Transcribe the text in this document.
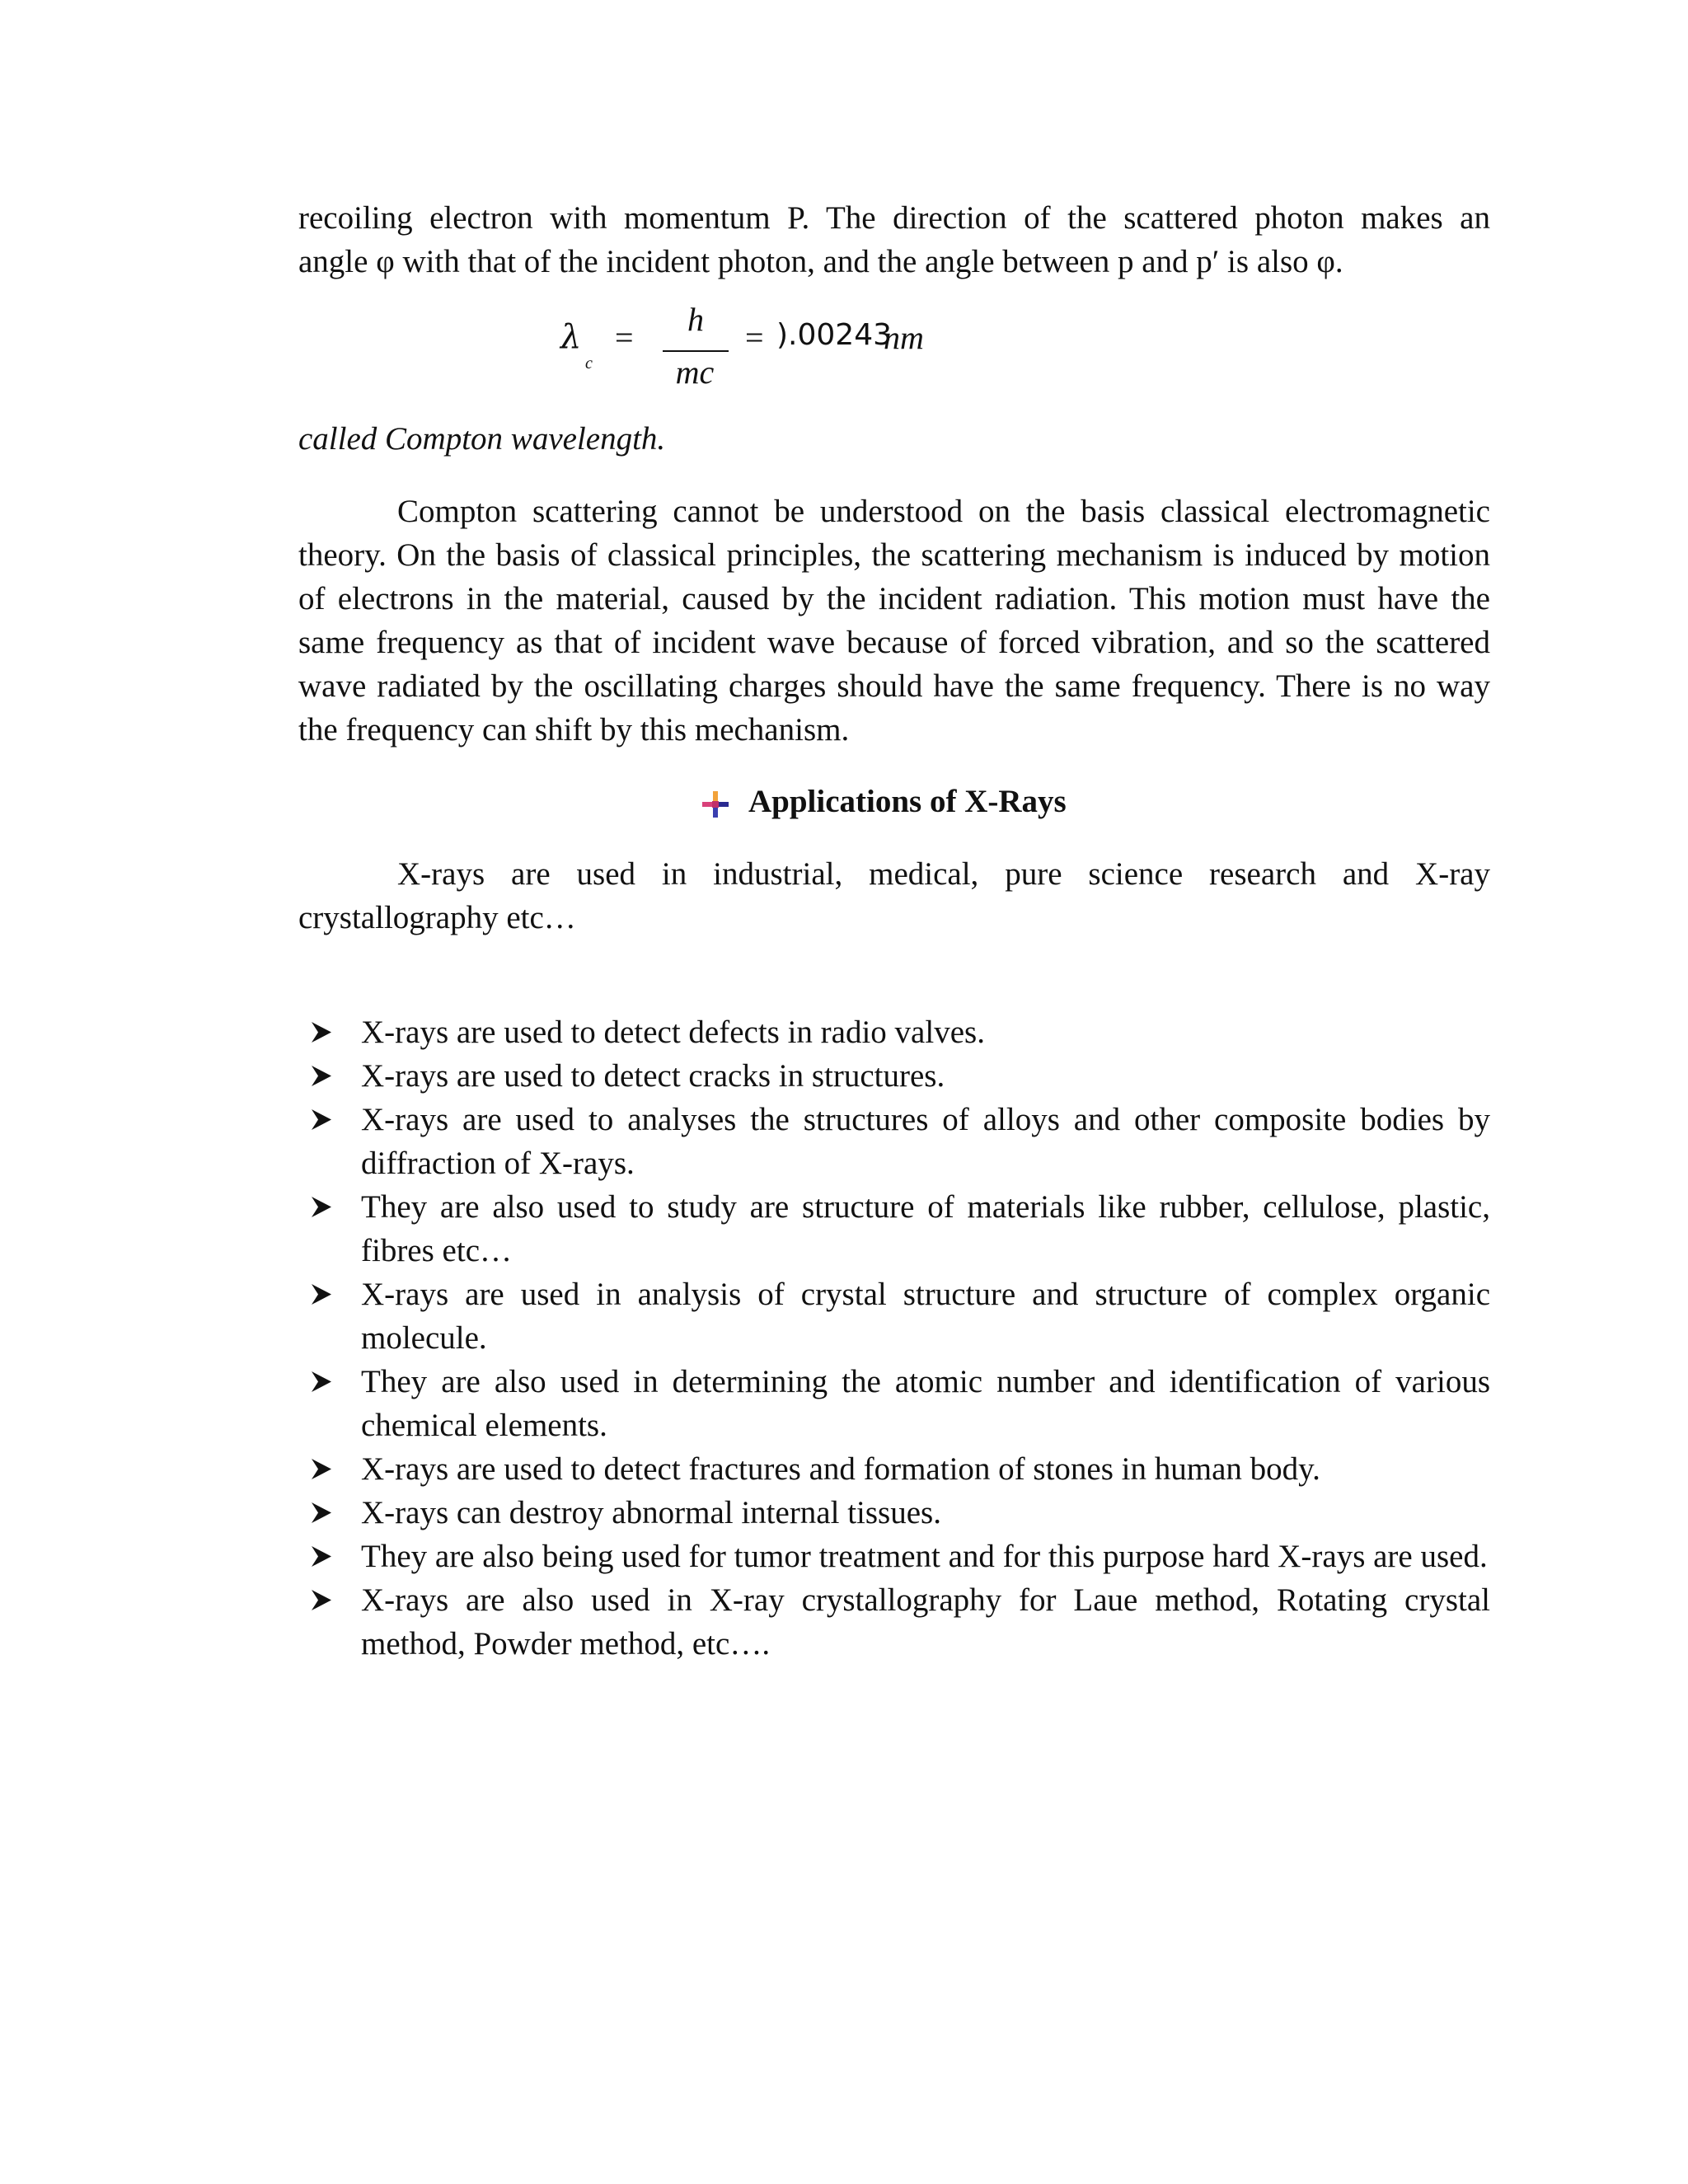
recoiling electron with momentum P. The direction of the scattered photon makes an
angle φ with that of the incident photon, and the angle between p and p′ is also φ.
λ
c
=	h
mc
= ).00243
nm
called Compton wavelength.
Compton scattering cannot be understood on the basis classical electromagnetic theory. On the basis of classical principles, the scattering mechanism is induced by motion of electrons in the material, caused by the incident radiation. This motion must have the same frequency as that of incident wave because of forced vibration, and so the scattered wave radiated by the oscillating charges should have the same frequency. There is no way the frequency can shift by this mechanism.
Applications of X-Rays
X-rays are used in industrial, medical, pure science research and X-ray crystallography etc…
X-rays are used to detect defects in radio valves.
X-rays are used to detect cracks in structures.
X-rays are used to analyses the structures of alloys and other composite bodies by diffraction of X-rays.
They are also used to study are structure of materials like rubber, cellulose, plastic, fibres etc…
X-rays are used in analysis of crystal structure and structure of complex organic molecule.
They are also used in determining the atomic number and identification of various chemical elements.
X-rays are used to detect fractures and formation of stones in human body.
X-rays can destroy abnormal internal tissues.
They are also being used for tumor treatment and for this purpose hard X-rays are used.
X-rays are also used in X-ray crystallography for Laue method, Rotating crystal method, Powder method, etc….
